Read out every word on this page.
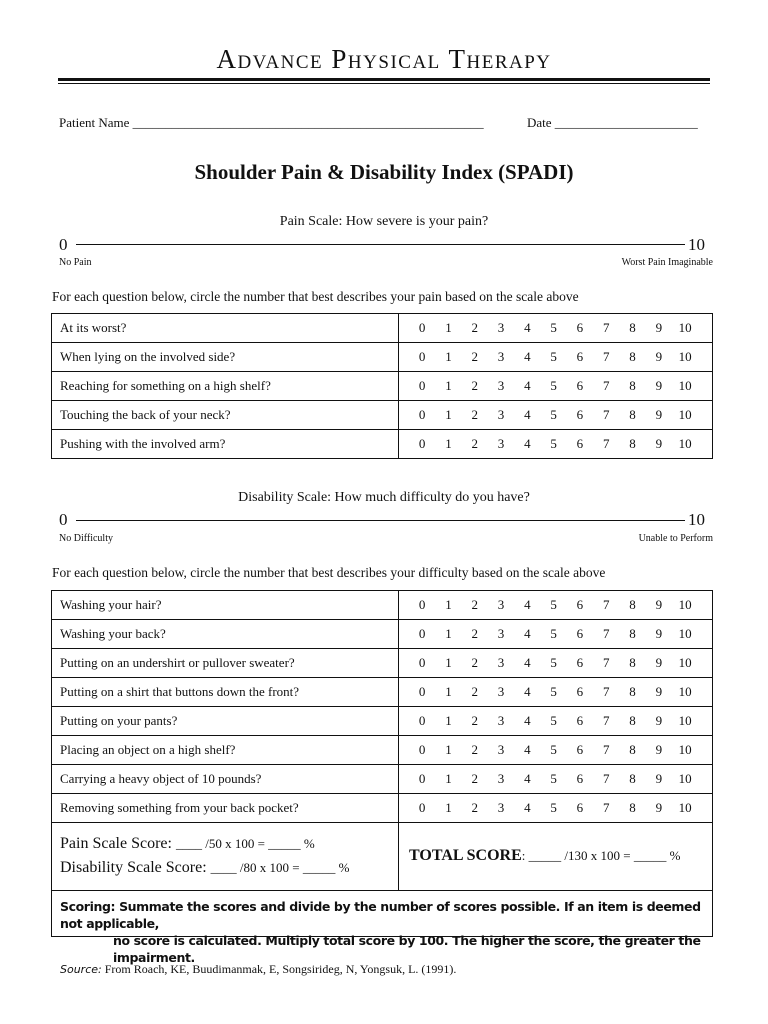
Advance Physical Therapy
Patient Name ______________________________________________________	Date ______________________
Shoulder Pain & Disability Index (SPADI)
Pain Scale: How severe is your pain?
0	10
No Pain	Worst Pain Imaginable
For each question below, circle the number that best describes your pain based on the scale above
At its worst?	0 1 2 3 4 5 6 7 8 9 10
When lying on the involved side?	0 1 2 3 4 5 6 7 8 9 10
Reaching for something on a high shelf?	0 1 2 3 4 5 6 7 8 9 10
Touching the back of your neck?	0 1 2 3 4 5 6 7 8 9 10
Pushing with the involved arm?	0 1 2 3 4 5 6 7 8 9 10
Disability Scale: How much difficulty do you have?
0	10
No Difficulty	Unable to Perform
For each question below, circle the number that best describes your difficulty based on the scale above
Washing your hair?	0 1 2 3 4 5 6 7 8 9 10
Washing your back?	0 1 2 3 4 5 6 7 8 9 10
Putting on an undershirt or pullover sweater?	0 1 2 3 4 5 6 7 8 9 10
Putting on a shirt that buttons down the front?	0 1 2 3 4 5 6 7 8 9 10
Putting on your pants?	0 1 2 3 4 5 6 7 8 9 10
Placing an object on a high shelf?	0 1 2 3 4 5 6 7 8 9 10
Carrying a heavy object of 10 pounds?	0 1 2 3 4 5 6 7 8 9 10
Removing something from your back pocket?	0 1 2 3 4 5 6 7 8 9 10
Pain Scale Score: ____ /50 x 100 = _____ %
Disability Scale Score: ____ /80 x 100 = _____ %
TOTAL SCORE: _____ /130 x 100 = _____ %
Scoring: Summate the scores and divide by the number of scores possible. If an item is deemed not applicable,
no score is calculated. Multiply total score by 100. The higher the score, the greater the impairment.
Source: From Roach, KE, Buudimanmak, E, Songsirideg, N, Yongsuk, L. (1991).
